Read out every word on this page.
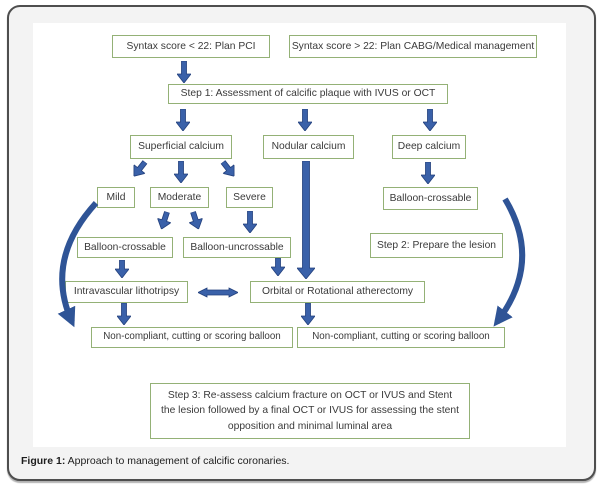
Syntax score < 22: Plan PCI	Syntax score > 22: Plan CABG/Medical management
Step 1: Assessment of calcific plaque with IVUS or OCT
Superficial calcium	Nodular calcium	Deep calcium
Mild	Moderate	Severe	Balloon-crossable
Balloon-crossable	Balloon-uncrossable	Step 2: Prepare the lesion
Intravascular lithotripsy	Orbital or Rotational atherectomy
Non-compliant, cutting or scoring balloon	Non-compliant, cutting or scoring balloon
Step 3: Re-assess calcium fracture on OCT or IVUS and Stent the lesion followed by a final OCT or IVUS for assessing the stent opposition and minimal luminal area
Figure 1: Approach to management of calcific coronaries.
